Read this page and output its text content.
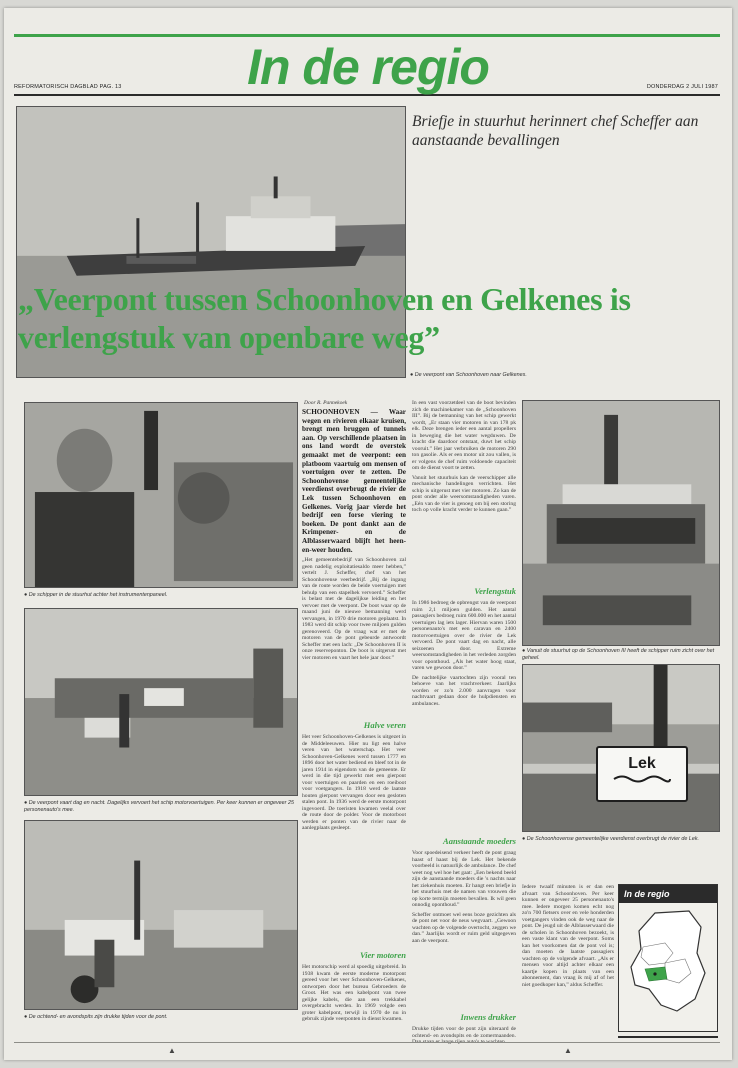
In de regio
REFORMATORISCH DAGBLAD PAG. 13	DONDERDAG 2 JULI 1987
Briefje in stuurhut herinnert chef Scheffer aan aanstaande bevallingen
„Veerpont tussen Schoonhoven en Gelkenes is verlengstuk van openbare weg”
● De veerpont van Schoonhoven naar Gelkenes.
● De schipper in de stuurhut achter het instrumentenpaneel.
● De veerpont vaart dag en nacht. Dagelijks vervoert het schip motorvoertuigen. Per keer kunnen er ongeveer 25 personenauto's mee.
● De ochtend- en avondspits zijn drukke tijden voor de pont.
Door R. Pannekoek

SCHOONHOVEN — Waar wegen en rivieren elkaar kruisen, brengt men bruggen of tunnels aan. Op verschillende plaatsen in ons land wordt de overstek gemaakt met de veerpont: een platboom vaartuig om mensen of voertuigen over te zetten. De Schoonhovense gemeentelijke veerdienst overbrugt de rivier de Lek tussen Schoonhoven en Gelkenes. Vorig jaar vierde het bedrijf een forse viering te boeken. De pont dankt aan de Krimpener- en de Alblasserwaard blijft het heen-en-weer houden.

„Het gemeentebedrijf van Schoonhoven zal geen nadelig exploitatiesaldo meer hebben,” vertelt J. Scheffer, chef van het Schoonhovense veerbedrijf. „Bij de ingang van de route worden de beide voertuigen met behulp van een stapelhek vervoerd.” Scheffer is belast met de dagelijkse leiding en het vervoer met de veerpont. De boot waar op de maand juni de nieuwe bemanning werd vervangen, in 1970 drie motoren geplaatst. In 1983 werd dit schip voor twee miljoen gulden gerenoveerd. Op de vraag wat er met de motoren van de pont gebeurde antwoordt Scheffer met een lach: „De Schoonhoven II is onze reserveponton. De boot is uitgerust met vier motoren en vaart het hele jaar door.”

Halve veren

Het veer Schoonhoven-Gelkenes is uitgezet in de Middeleeuwen. Hier nu ligt een halve veren van het waterschap. Het veer Schoonhoven-Gelkenes werd tussen 1777 en 1896 door het water bediend en bleef tot in de jaren 1914 in eigendom van de gemeente. Er werd in die tijd gewerkt met een gierpont voor voertuigen en paarden en een roeiboot voor voetgangers. In 1918 werd de laatste houten gierpont vervangen door een gesloten stalen pont. In 1936 werd de eerste motorpont ingevoerd. De toeristen kwamen veelal over de route door de polder. Voor de motorboot werden er ponten van de rivier naar de aanlegplaats gesleept.

Vier motoren

Het motorschip werd al spoedig uitgebreid. In 1938 kwam de eerste moderne motorpont gereed voor het veer Schoonhoven-Gelkenes, ontworpen door het bureau Gebroeders de Groot. Het was een kabelpont van twee gelijke kabels, die aan een trekkabel overgebracht werden. In 1969 volgde een groter kabelpont, terwijl in 1970 de nu in gebruik zijnde veerponten in dienst kwamen.

In een vast voorzetdeel van de boot bevinden zich de machinekamer van de „Schoonhoven III”. Bij de bemanning van het schip gewerkt wordt, „Er staan vier motoren in van 178 pk elk. Deze brengen ieder een aantal propellers in beweging die het water wegduwen. De kracht die daardoor ontstaat, duwt het schip vooruit.” Het jaar verbruiken de motoren 290 ton gasolie. Als er een motor uit zou vallen, is er volgens de chef ruim voldoende capaciteit om de dienst voort te zetten.

Vanuit het stuurhuis kan de veerschipper alle mechanische handelingen verrichten. Het schip is uitgerust met vier motoren. Zo kan de pont onder alle weersomstandigheden varen. „Eén van de vier is genoeg om bij een storing toch op volle kracht verder te kunnen gaan.”

Verlengstuk

In 1986 bedroeg de opbrengst van de veerpont ruim 2,1 miljoen gulden. Het aantal passagiers bedroeg ruim 600.000 en het aantal voertuigen lag iets lager. Hiervan waren 1500 personenauto's met een caravan en 2400 motorvoertuigen over de rivier de Lek vervoerd. De pont vaart dag en nacht, alle seizoenen door. Extreme weersomstandigheden in het verleden zorgden voor oponthoud. „Als het water hoog staat, varen we gewoon door.”

De nachtelijke vaartochten zijn vooral ten behoeve van het vrachtverkeer. Jaarlijks worden er zo'n 2.000 aanvragen voor nachtvaart gedaan door de hulpdiensten en ambulances.

Aanstaande moeders

Voor spoedeisend verkeer heeft de pont graag haast of haast bij de Lek. Het bekende voorbeeld is natuurlijk de ambulance. De chef weet nog wel hoe het gaat: „Een bekend beeld zijn de aanstaande moeders die 's nachts naar het ziekenhuis moeten. Er hangt een briefje in het stuurhuis met de namen van vrouwen die op korte termijn moeten bevallen. Ik wil geen onnodig oponthoud.”

Scheffer ontmoet wel eens boze gezichten als de pont net voor de neus wegvaart. „Gewoon wachten op de volgende overtocht, zeggen we dan.” Jaarlijks wordt er ruim geld uitgegeven aan de veerpont.

Inwens drukker

Drukke tijden voor de pont zijn uiteraard de ochtend- en avondspits en de zomermaanden.

Iedere twaalf minuten is er dan een afvaart van Schoonhoven. Per keer kunnen er ongeveer 25 personenauto's mee. Iedere morgen komen echt nog zo'n 700 fietsers over en vele honderden voetgangers vinden ook de weg naar de pont. De jeugd uit de Alblasserwaard die de scholen in Schoonhoven bezoekt, is een vaste klant van de veerpont. Soms kan het voorkomen dat de pont vol is; dan moeten de laatste passagiers wachten op de volgende afvaart. „Als er mensen voor altijd achter elkaar een kaartje kopen in plaats van een abonnement, dan vraag ik mij af of het niet goedkoper kan,” aldus Scheffer.

● Vanuit de stuurhut op de Schoonhoven III heeft de schipper ruim zicht over het geheel.
Lek
● De Schoonhovense gemeentelijke veerdienst overbrugt de rivier de Lek.
In de regio
▲	▲
